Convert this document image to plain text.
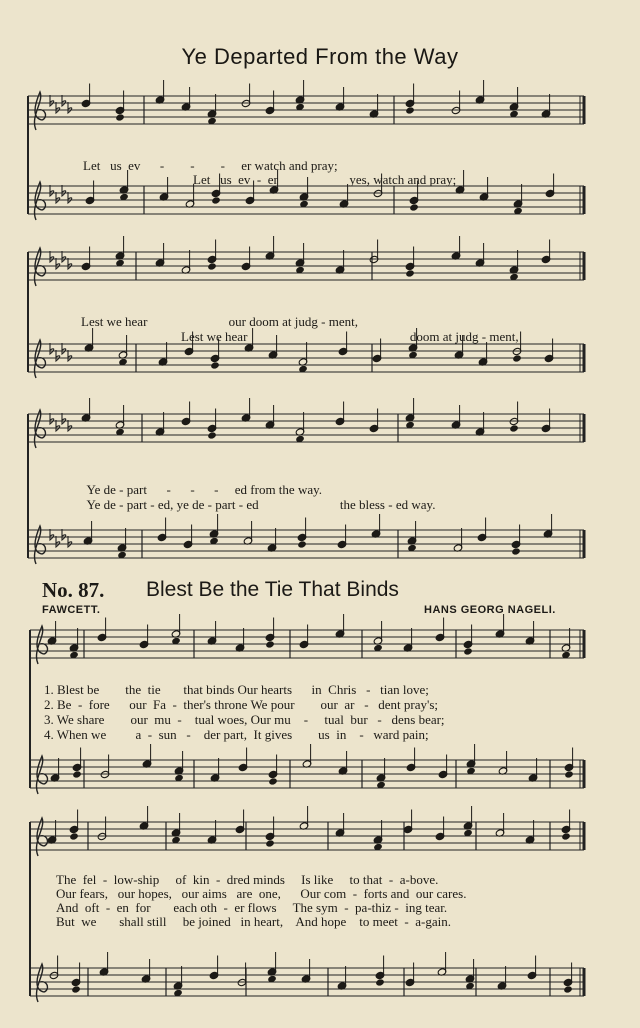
Ye Departed From the Way

Let us ev - - - er watch and pray;

Let us ev - er	yes, watch and pray;

Lest we hear	our doom at judg - ment,

Lest we hear	doom at judg - ment,

Ye de - part - - - ed from the way.

Ye de - part - ed, ye de - part - ed	the bless - ed way.

No. 87. Blest Be the Tie That Binds
FAWCETT.	HANS GEORG NAGELI.
1. Blest be        the  tie       that binds Our hearts      in  Chris   -   tian love;
2. Be  -  fore      our  Fa  -  ther's throne We pour        our  ar   -   dent pray's;
3. We share        our  mu  -    tual woes, Our mu    -     tual  bur   -   dens bear;
4. When we         a  -  sun   -    der part,  It gives        us  in    -   ward pain;
The  fel  -  low-ship     of  kin  -  dred minds     Is like     to that  -  a-bove.
Our fears,   our hopes,   our aims   are  one,      Our com  -  forts and  our cares.
And  oft  -  en  for       each oth  -  er flows     The sym  -  pa-thiz -  ing tear.
But  we       shall still     be joined   in heart,    And hope    to meet  -  a-gain.
